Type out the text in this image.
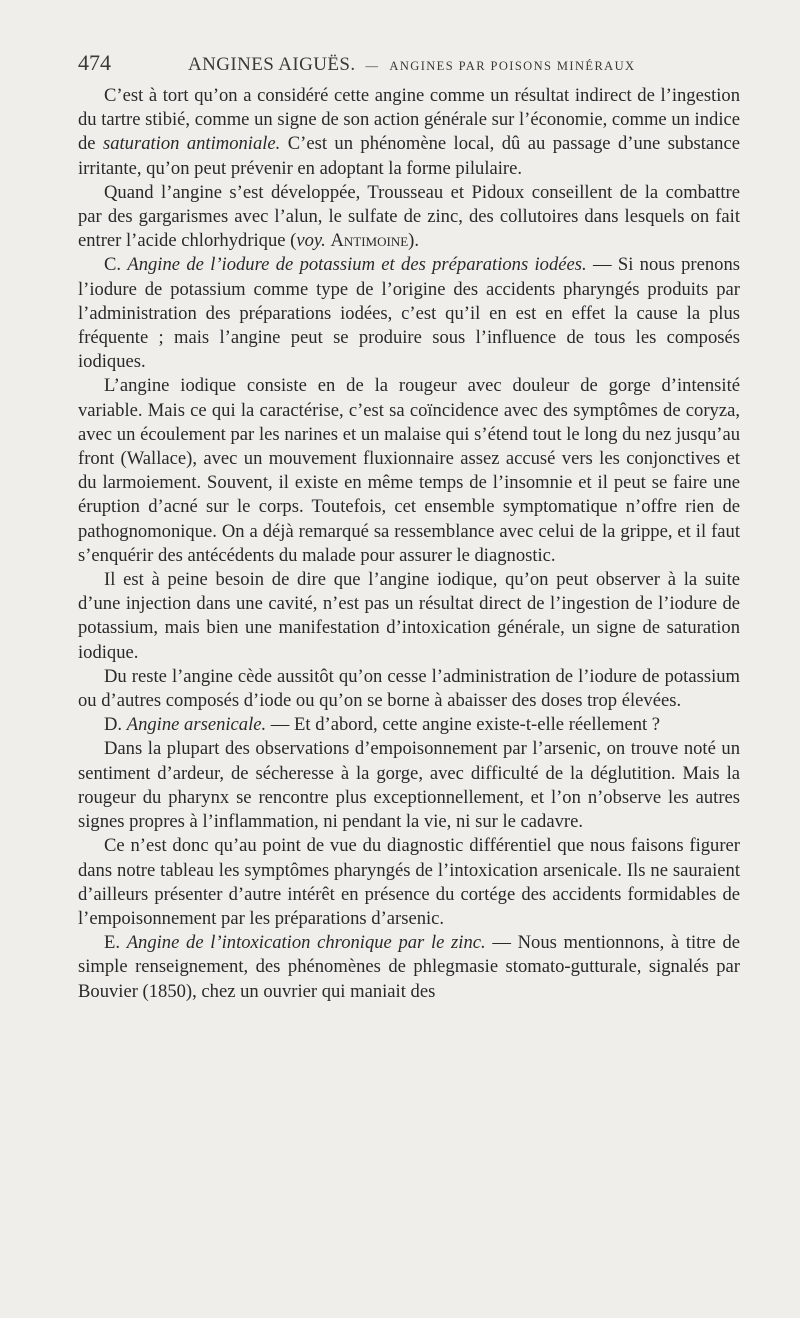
474	ANGINES AIGUËS. — ANGINES PAR POISONS MINÉRAUX

C’est à tort qu’on a considéré cette angine comme un résultat indirect de l’ingestion du tartre stibié, comme un signe de son action générale sur l’économie, comme un indice de saturation antimoniale. C’est un phénomène local, dû au passage d’une substance irritante, qu’on peut prévenir en adoptant la forme pilulaire.

Quand l’angine s’est développée, Trousseau et Pidoux conseillent de la combattre par des gargarismes avec l’alun, le sulfate de zinc, des collutoires dans lesquels on fait entrer l’acide chlorhydrique (voy. Antimoine).

C. Angine de l’iodure de potassium et des préparations iodées. — Si nous prenons l’iodure de potassium comme type de l’origine des accidents pharyngés produits par l’administration des préparations iodées, c’est qu’il en est en effet la cause la plus fréquente ; mais l’angine peut se produire sous l’influence de tous les composés iodiques.

L’angine iodique consiste en de la rougeur avec douleur de gorge d’intensité variable. Mais ce qui la caractérise, c’est sa coïncidence avec des symptômes de coryza, avec un écoulement par les narines et un malaise qui s’étend tout le long du nez jusqu’au front (Wallace), avec un mouvement fluxionnaire assez accusé vers les conjonctives et du larmoiement. Souvent, il existe en même temps de l’insomnie et il peut se faire une éruption d’acné sur le corps. Toutefois, cet ensemble symptomatique n’offre rien de pathognomonique. On a déjà remarqué sa ressemblance avec celui de la grippe, et il faut s’enquérir des antécédents du malade pour assurer le diagnostic.

Il est à peine besoin de dire que l’angine iodique, qu’on peut observer à la suite d’une injection dans une cavité, n’est pas un résultat direct de l’ingestion de l’iodure de potassium, mais bien une manifestation d’intoxication générale, un signe de saturation iodique.

Du reste l’angine cède aussitôt qu’on cesse l’administration de l’iodure de potassium ou d’autres composés d’iode ou qu’on se borne à abaisser des doses trop élevées.

D. Angine arsenicale. — Et d’abord, cette angine existe-t-elle réellement ?

Dans la plupart des observations d’empoisonnement par l’arsenic, on trouve noté un sentiment d’ardeur, de sécheresse à la gorge, avec difficulté de la déglutition. Mais la rougeur du pharynx se rencontre plus exceptionnellement, et l’on n’observe les autres signes propres à l’inflammation, ni pendant la vie, ni sur le cadavre.

Ce n’est donc qu’au point de vue du diagnostic différentiel que nous faisons figurer dans notre tableau les symptômes pharyngés de l’intoxication arsenicale. Ils ne sauraient d’ailleurs présenter d’autre intérêt en présence du cortége des accidents formidables de l’empoisonnement par les préparations d’arsenic.

E. Angine de l’intoxication chronique par le zinc. — Nous mentionnons, à titre de simple renseignement, des phénomènes de phlegmasie stomato-gutturale, signalés par Bouvier (1850), chez un ouvrier qui maniait des
